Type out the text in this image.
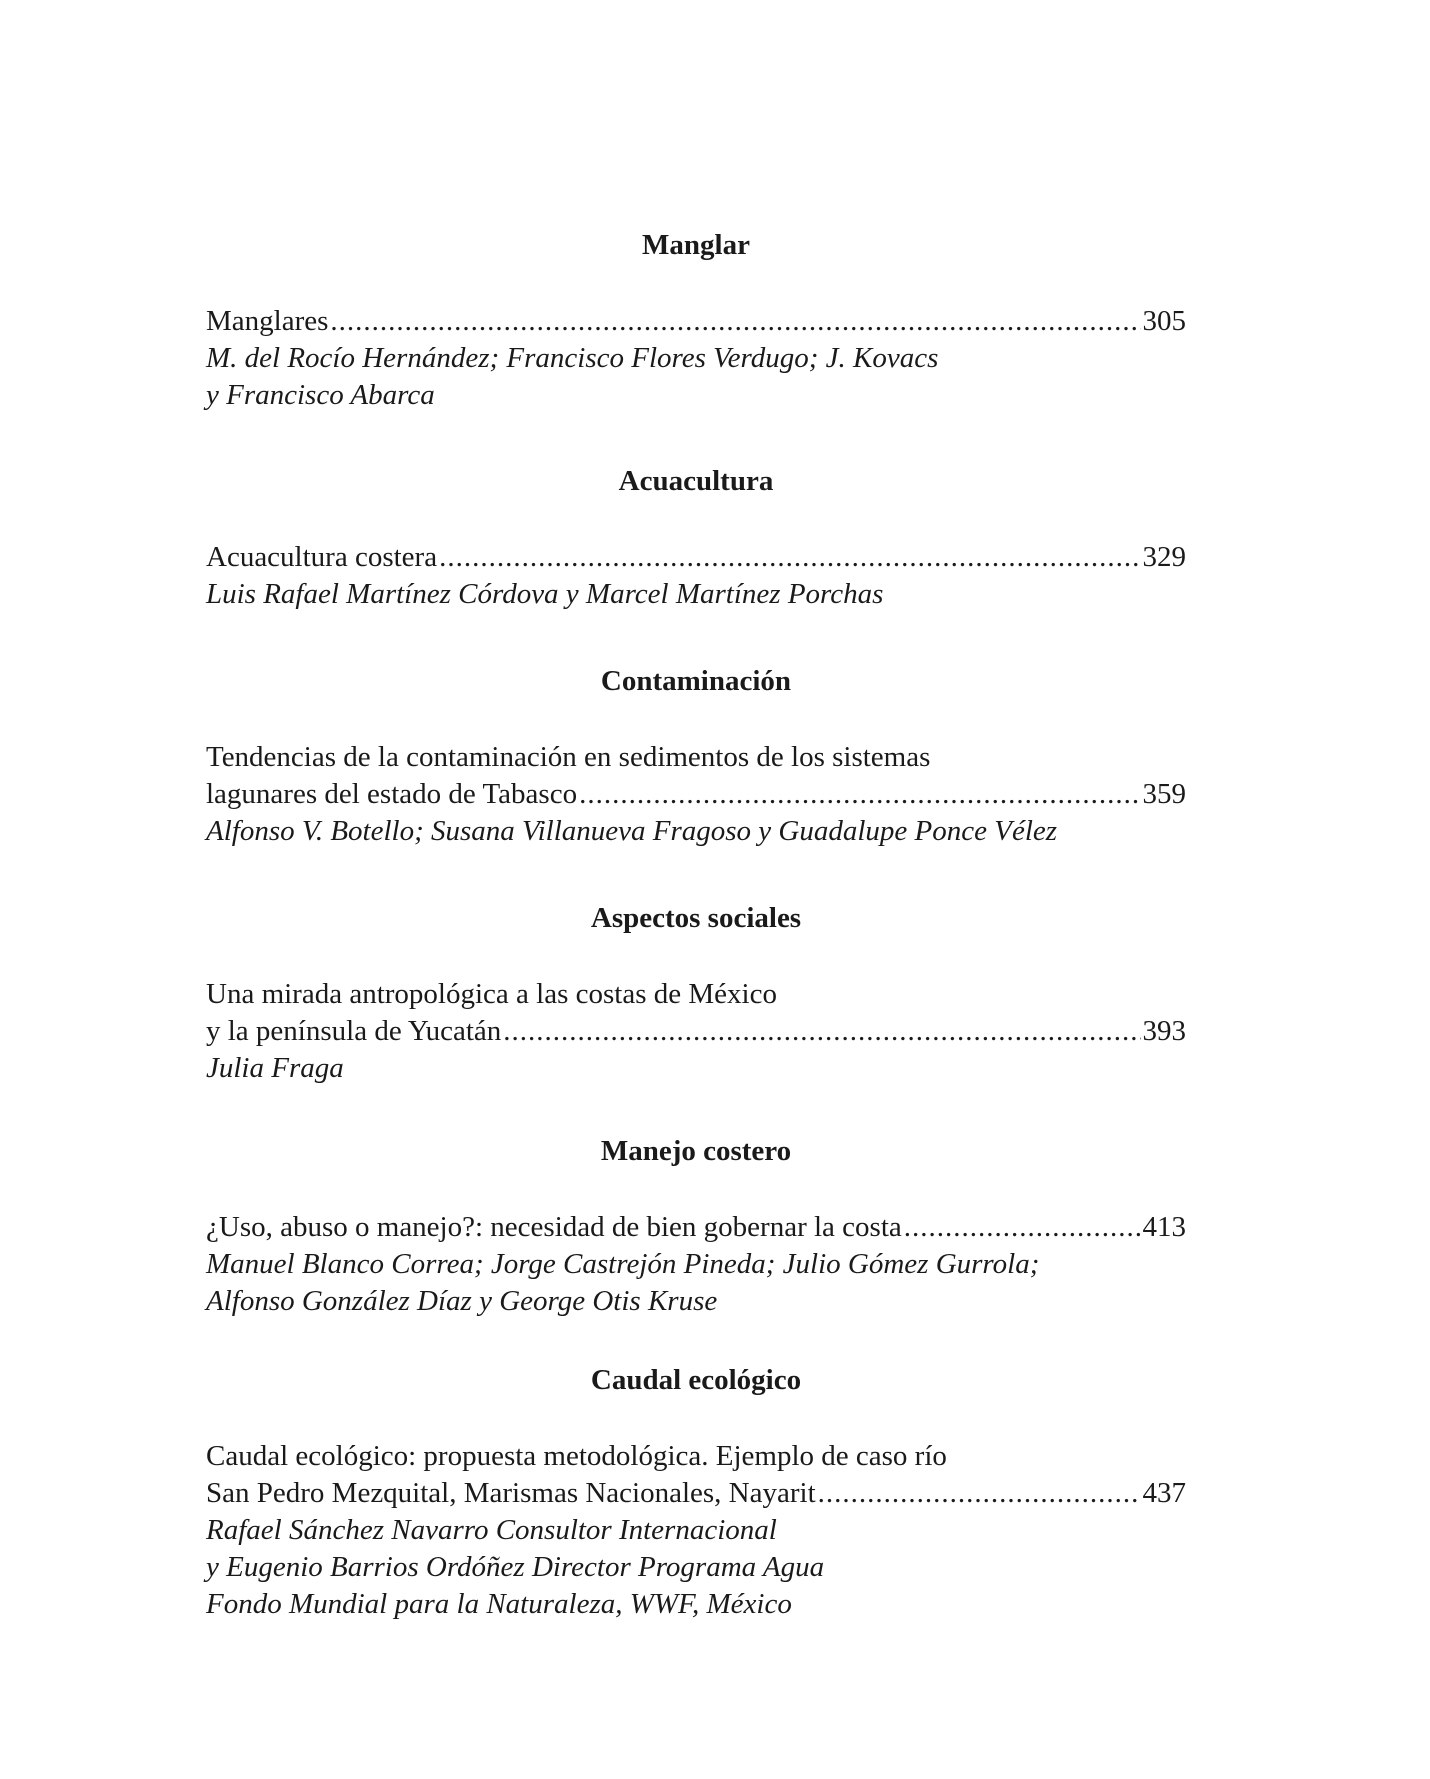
Manglar
Manglares .....	305
M. del Rocío Hernández; Francisco Flores Verdugo; J. Kovacs
y Francisco Abarca
Acuacultura
Acuacultura costera .....	329
Luis Rafael Martínez Córdova y Marcel Martínez Porchas
Contaminación
Tendencias de la contaminación en sedimentos de los sistemas
lagunares del estado de Tabasco .....	359
Alfonso V. Botello; Susana Villanueva Fragoso y Guadalupe Ponce Vélez
Aspectos sociales
Una mirada antropológica a las costas de México
y la península de Yucatán .....	393
Julia Fraga
Manejo costero
¿Uso, abuso o manejo?: necesidad de bien gobernar la costa .....	413
Manuel Blanco Correa; Jorge Castrejón Pineda; Julio Gómez Gurrola;
Alfonso González Díaz y George Otis Kruse
Caudal ecológico
Caudal ecológico: propuesta metodológica. Ejemplo de caso río
San Pedro Mezquital, Marismas Nacionales, Nayarit .....	437
Rafael Sánchez Navarro Consultor Internacional
y Eugenio Barrios Ordóñez Director Programa Agua
Fondo Mundial para la Naturaleza, WWF, México
